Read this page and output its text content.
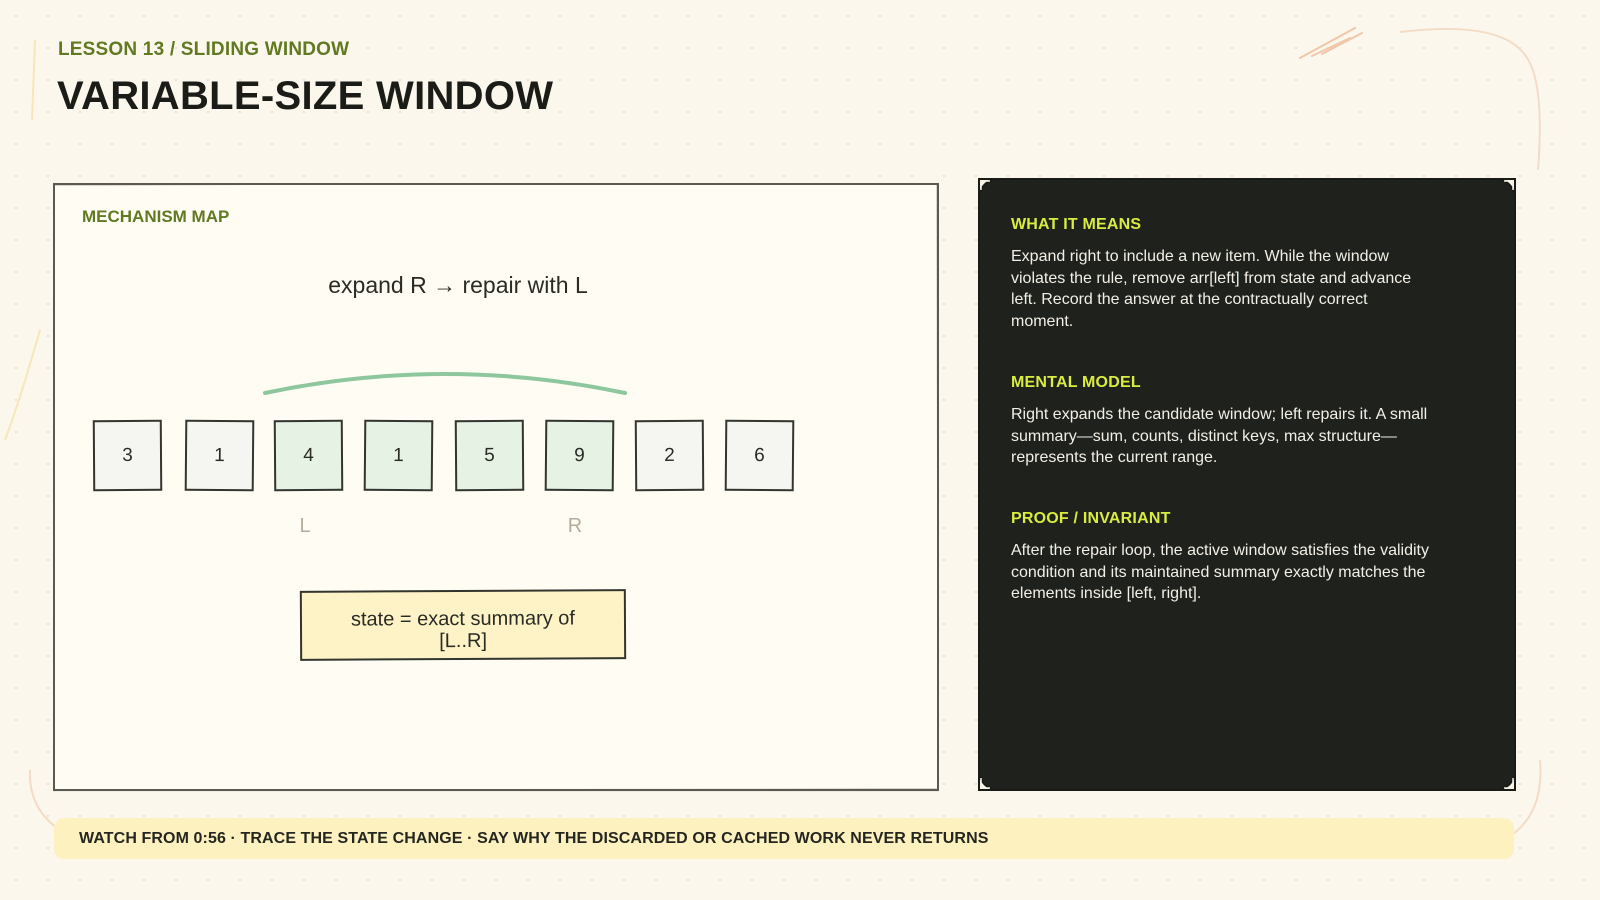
LESSON 13 / SLIDING WINDOW
VARIABLE-SIZE WINDOW
MECHANISM MAP
expand R → repair with L
3	1	4	1	5	9	2	6
L	R
state = exact summary of [L..R]
WHAT IT MEANS

Expand right to include a new item. While the window violates the rule, remove arr[left] from state and advance left. Record the answer at the contractually correct moment.

MENTAL MODEL

Right expands the candidate window; left repairs it. A small summary—sum, counts, distinct keys, max structure—represents the current range.

PROOF / INVARIANT

After the repair loop, the active window satisfies the validity condition and its maintained summary exactly matches the elements inside [left, right].

WATCH FROM 0:56 · TRACE THE STATE CHANGE · SAY WHY THE DISCARDED OR CACHED WORK NEVER RETURNS
